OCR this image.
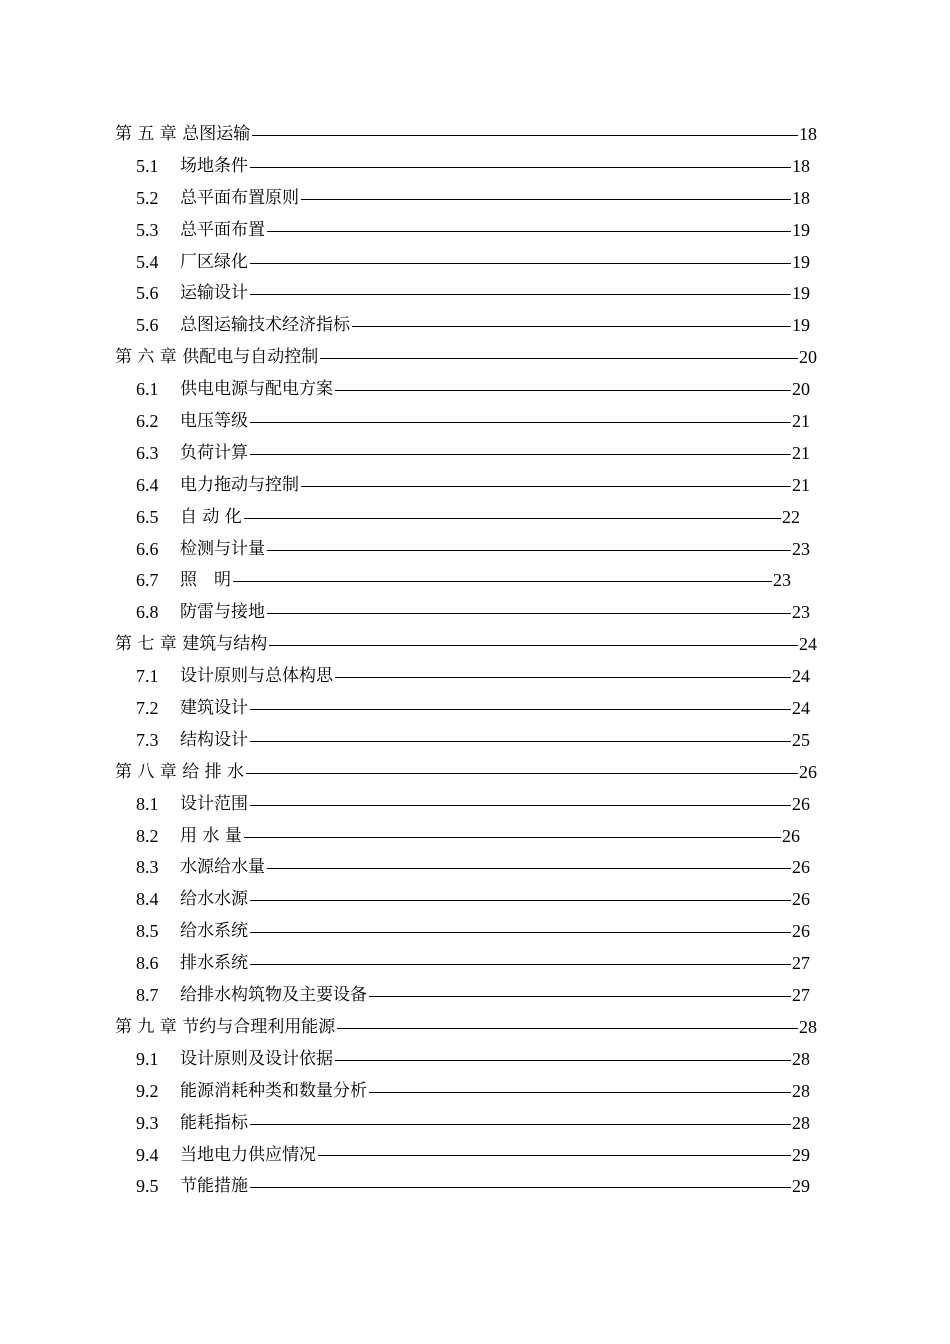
第 五 章 总图运输	18
5.1 场地条件	18
5.2 总平面布置原则	18
5.3 总平面布置	19
5.4 厂区绿化	19
5.6 运输设计	19
5.6 总图运输技术经济指标	19
第 六 章 供配电与自动控制	20
6.1 供电电源与配电方案	20
6.2 电压等级	21
6.3 负荷计算	21
6.4 电力拖动与控制	21
6.5 自 动 化	22
6.6 检测与计量	23
6.7 照　明	23
6.8 防雷与接地	23
第 七 章 建筑与结构	24
7.1 设计原则与总体构思	24
7.2 建筑设计	24
7.3 结构设计	25
第 八 章 给 排 水	26
8.1 设计范围	26
8.2 用 水 量	26
8.3 水源给水量	26
8.4 给水水源	26
8.5 给水系统	26
8.6 排水系统	27
8.7 给排水构筑物及主要设备	27
第 九 章 节约与合理利用能源	28
9.1 设计原则及设计依据	28
9.2 能源消耗种类和数量分析	28
9.3 能耗指标	28
9.4 当地电力供应情况	29
9.5 节能措施	29
